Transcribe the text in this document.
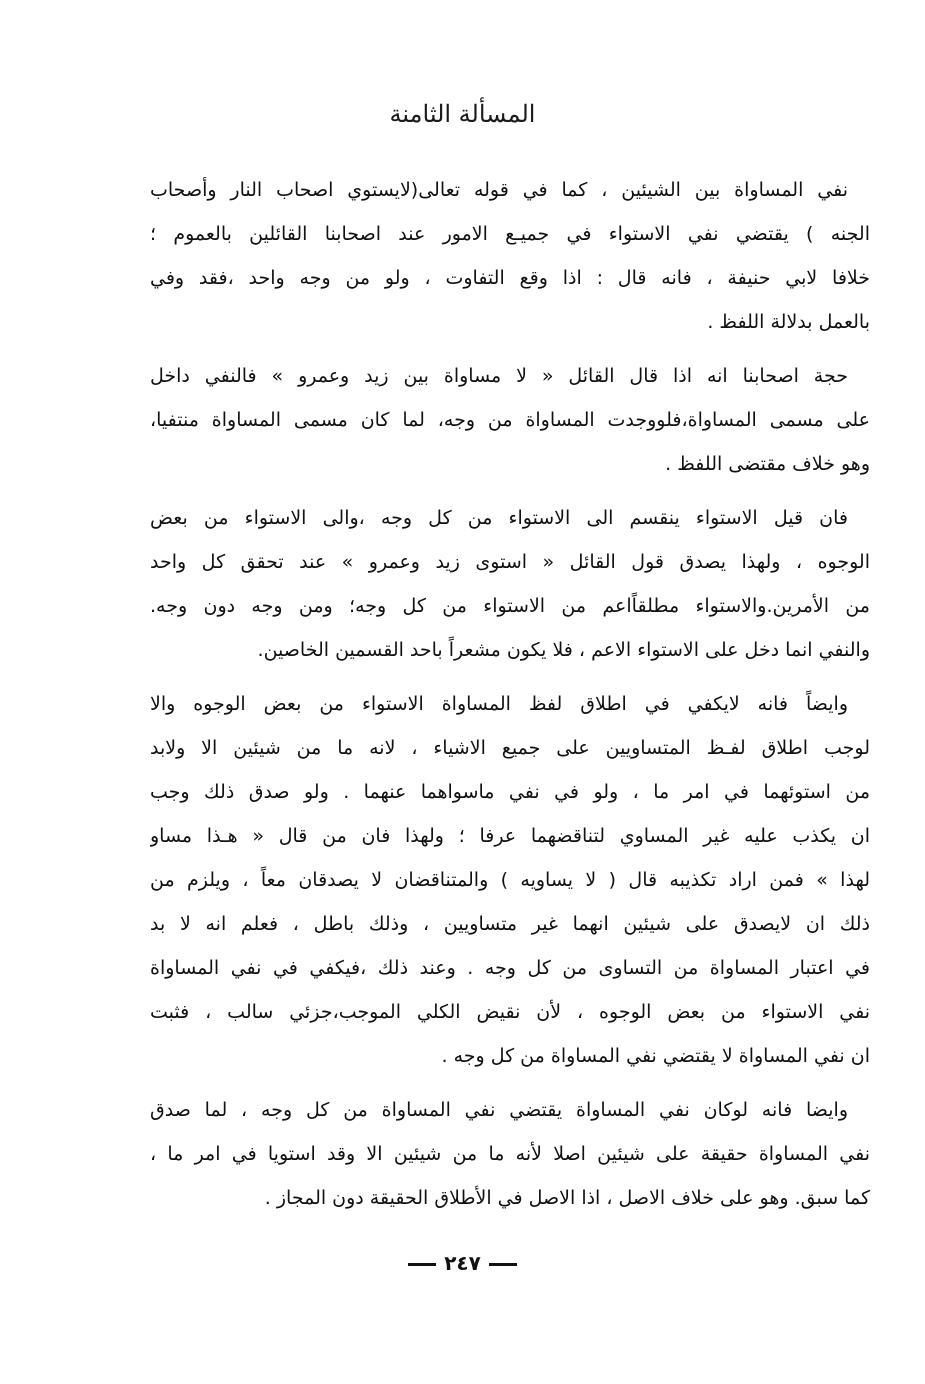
المسألة الثامنة
نفي المساواة بين الشيئين ، كما في قوله تعالى(لايستوي اصحاب النار وأصحاب
الجنه ) يقتضي نفي الاستواء في جميـع الامور عند اصحابنا القائلين بالعموم ؛
خلافا لابي حنيفة ، فانه قال : اذا وقع التفاوت ، ولو من وجه واحد ،فقد وفي
بالعمل بدلالة اللفظ .
حجة اصحابنا انه اذا قال القائل « لا مساواة بين زيد وعمرو » فالنفي داخل
على مسمى المساواة،فلووجدت المساواة من وجه، لما كان مسمى المساواة منتفيا،
وهو خلاف مقتضى اللفظ .
فان قيل الاستواء ينقسم الى الاستواء من كل وجه ،والى الاستواء من بعض
الوجوه ، ولهذا يصدق قول القائل « استوى زيد وعمرو » عند تحقق كل واحد
من الأمرين.والاستواء مطلقاًاعم من الاستواء من كل وجه؛ ومن وجه دون وجه.
والنفي انما دخل على الاستواء الاعم ، فلا يكون مشعراً باحد القسمين الخاصين.
وايضاً فانه لايكفي في اطلاق لفظ المساواة الاستواء من بعض الوجوه والا
لوجب اطلاق لفـظ المتساويين على جميع الاشياء ، لانه ما من شيئين الا ولابد
من استوئهما في امر ما ، ولو في نفي ماسواهما عنهما . ولو صدق ذلك وجب
ان يكذب عليه غير المساوي لتناقضهما عرفا ؛ ولهذا فان من قال « هـذا مساو
لهذا » فمن اراد تكذيبه قال ( لا يساويه ) والمتناقضان لا يصدقان معاً ، ويلزم من
ذلك ان لايصدق على شيئين انهما غير متساويين ، وذلك باطل ، فعلم انه لا بد
في اعتبار المساواة من التساوى من كل وجه . وعند ذلك ،فيكفي في نفي المساواة
نفي الاستواء من بعض الوجوه ، لأن نقيض الكلي الموجب،جزئي سالب ، فثبت
ان نفي المساواة لا يقتضي نفي المساواة من كل وجه .
وايضا فانه لوكان نفي المساواة يقتضي نفي المساواة من كل وجه ، لما صدق
نفي المساواة حقيقة على شيئين اصلا لأنه ما من شيئين الا وقد استويا في امر ما ،
كما سبق. وهو على خلاف الاصل ، اذا الاصل في الأطلاق الحقيقة دون المجاز .
٢٤٧
